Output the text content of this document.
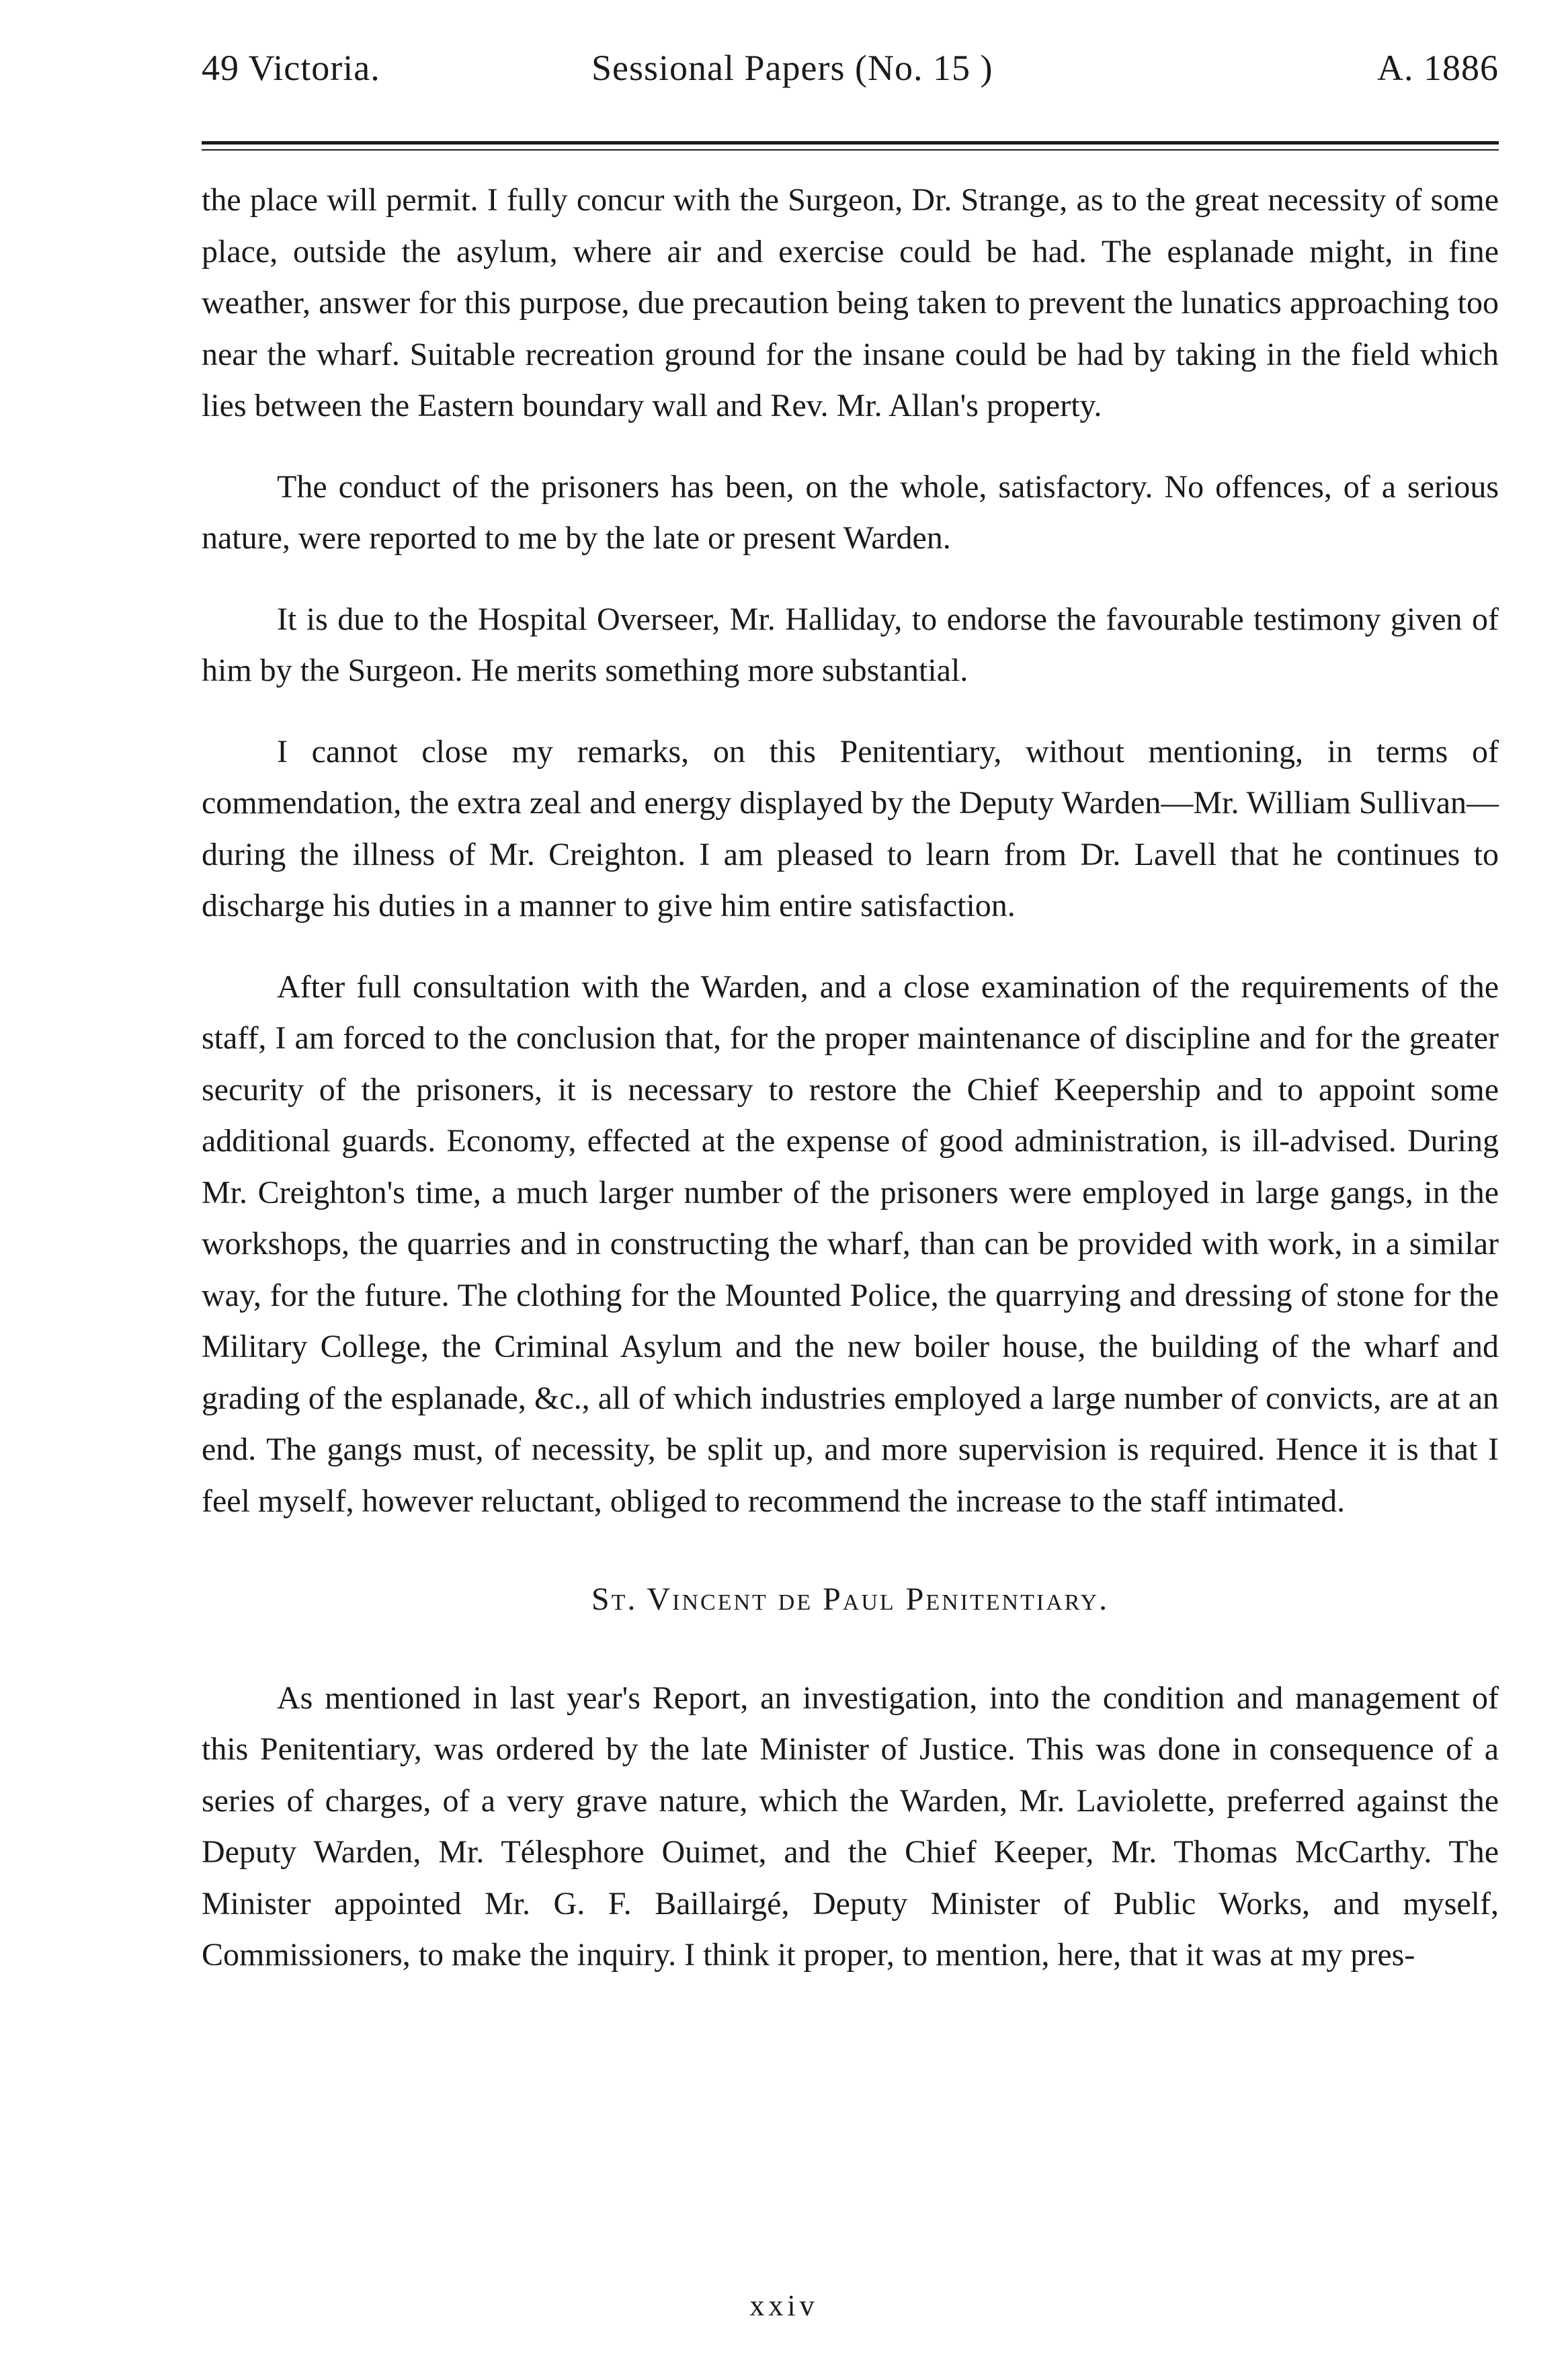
49 Victoria.	Sessional Papers (No. 15 )	A. 1886

the place will permit. I fully concur with the Surgeon, Dr. Strange, as to the great necessity of some place, outside the asylum, where air and exercise could be had. The esplanade might, in fine weather, answer for this purpose, due precaution being taken to prevent the lunatics approaching too near the wharf. Suitable recreation ground for the insane could be had by taking in the field which lies between the Eastern boundary wall and Rev. Mr. Allan's property.

The conduct of the prisoners has been, on the whole, satisfactory. No offences, of a serious nature, were reported to me by the late or present Warden.

It is due to the Hospital Overseer, Mr. Halliday, to endorse the favourable testimony given of him by the Surgeon. He merits something more substantial.

I cannot close my remarks, on this Penitentiary, without mentioning, in terms of commendation, the extra zeal and energy displayed by the Deputy Warden—Mr. William Sullivan—during the illness of Mr. Creighton. I am pleased to learn from Dr. Lavell that he continues to discharge his duties in a manner to give him entire satisfaction.

After full consultation with the Warden, and a close examination of the requirements of the staff, I am forced to the conclusion that, for the proper maintenance of discipline and for the greater security of the prisoners, it is necessary to restore the Chief Keepership and to appoint some additional guards. Economy, effected at the expense of good administration, is ill-advised. During Mr. Creighton's time, a much larger number of the prisoners were employed in large gangs, in the workshops, the quarries and in constructing the wharf, than can be provided with work, in a similar way, for the future. The clothing for the Mounted Police, the quarrying and dressing of stone for the Military College, the Criminal Asylum and the new boiler house, the building of the wharf and grading of the esplanade, &c., all of which industries employed a large number of convicts, are at an end. The gangs must, of necessity, be split up, and more supervision is required. Hence it is that I feel myself, however reluctant, obliged to recommend the increase to the staff intimated.

St. Vincent de Paul Penitentiary.

As mentioned in last year's Report, an investigation, into the condition and management of this Penitentiary, was ordered by the late Minister of Justice. This was done in consequence of a series of charges, of a very grave nature, which the Warden, Mr. Laviolette, preferred against the Deputy Warden, Mr. Télesphore Ouimet, and the Chief Keeper, Mr. Thomas McCarthy. The Minister appointed Mr. G. F. Baillairgé, Deputy Minister of Public Works, and myself, Commissioners, to make the inquiry. I think it proper, to mention, here, that it was at my pres-

xxiv
